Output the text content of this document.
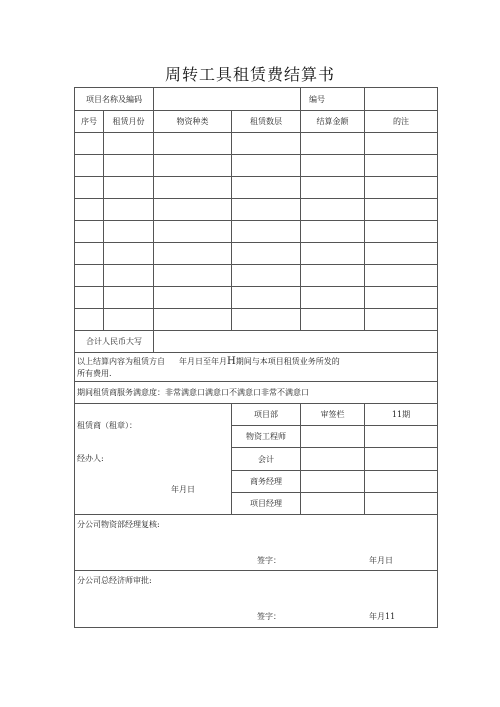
周转工具租赁费结算书
项目名称及編码				编号	
序号	租赁月份	物资种类	租赁数层	结算金额	的注

合计人民币大写					
以上结算内容为租赁方自 年月日至年月H期间与本项目租赁业务所发的
所有费用.					
期间租赁商服务满意度：非常满意口满意口不满意口非常不满意口					
租赁商（租章）：			项目部	审签栏	11期
			物资工程师		

经办人:
年月日			会计		
			商务经理		
			项目经理		

分公司物资部经理复核:
签字： 年月日					

分公司总经济师审批:
签字： 年月11					
